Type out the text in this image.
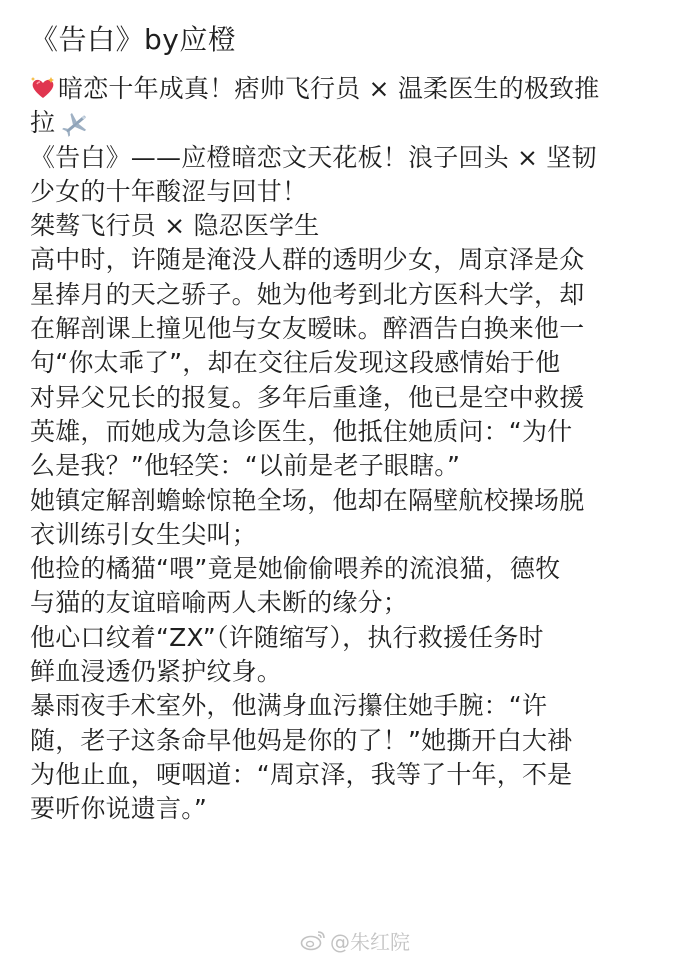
《告白》by应橙
暗恋十年成真！痞帅飞行员 × 温柔医生的极致推
拉
《告白》——应橙暗恋文天花板！浪子回头 × 坚韧
少女的十年酸涩与回甘！
桀骜飞行员 × 隐忍医学生
高中时，许随是淹没人群的透明少女，周京泽是众
星捧月的天之骄子。她为他考到北方医科大学，却
在解剖课上撞见他与女友暧昧。醉酒告白换来他一
句“你太乖了”，却在交往后发现这段感情始于他
对异父兄长的报复。多年后重逢，他已是空中救援
英雄，而她成为急诊医生，他抵住她质问：“为什
么是我？”他轻笑：“以前是老子眼瞎。”
她镇定解剖蟾蜍惊艳全场，他却在隔壁航校操场脱
衣训练引女生尖叫；
他捡的橘猫“喂”竟是她偷偷喂养的流浪猫，德牧
与猫的友谊暗喻两人未断的缘分；
他心口纹着“ZX”（许随缩写），执行救援任务时
鲜血浸透仍紧护纹身。
暴雨夜手术室外，他满身血污攥住她手腕：“许
随，老子这条命早他妈是你的了！”她撕开白大褂
为他止血，哽咽道：“周京泽，我等了十年，不是
要听你说遗言。”
@朱红院
